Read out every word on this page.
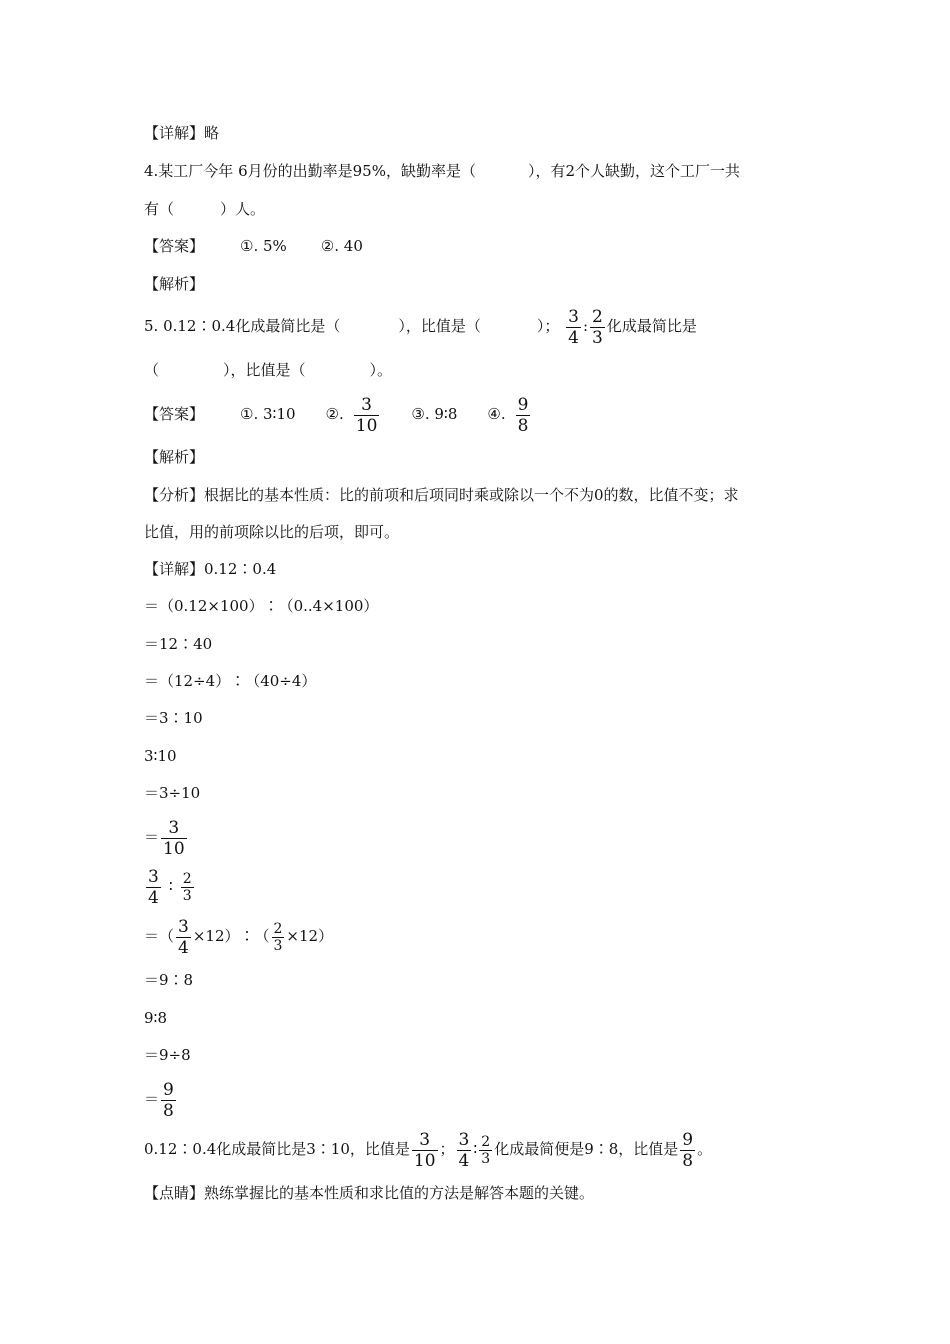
【详解】略
4.某工厂今年 6月份的出勤率是95%，缺勤率是（	），有2个人缺勤，这个工厂一共
有（	）人。
【答案】 ①. 5% ②. 40
【解析】
5. 0.12∶0.4化成最简比是（	），比值是（	）； $\frac{3}{4}$ : $\frac{2}{3}$ 化成最简比是
（	），比值是（	）。
【答案】 ①. 3∶10 ②. $\frac{3}{10}$ ③. 9∶8 ④. $\frac{9}{8}$
【解析】
【分析】根据比的基本性质：比的前项和后项同时乘或除以一个不为0的数，比值不变；求
比值，用的前项除以比的后项，即可。
【详解】0.12∶0.4
＝（0.12×100）∶（0..4×100）
＝12∶40
＝（12÷4）∶（40÷4）
＝3∶10
3∶10
＝3÷10
＝ $\frac{3}{10}$
$\frac{3}{4}$ ∶ $\frac{2}{3}$
＝（ $\frac{3}{4}$ ×12）∶（ $\frac{2}{3} \times 12$）
＝9∶8
9∶8
＝9÷8
＝ $\frac{9}{8}$
0.12∶0.4化成最简比是3∶10，比值是 $\frac{3}{10}$ ； $\frac{3}{4}$ ∶ $\frac{2}{3}$ 化成最简便是9∶8，比值是 $\frac{9}{8}$ 。
【点睛】熟练掌握比的基本性质和求比值的方法是解答本题的关键。
